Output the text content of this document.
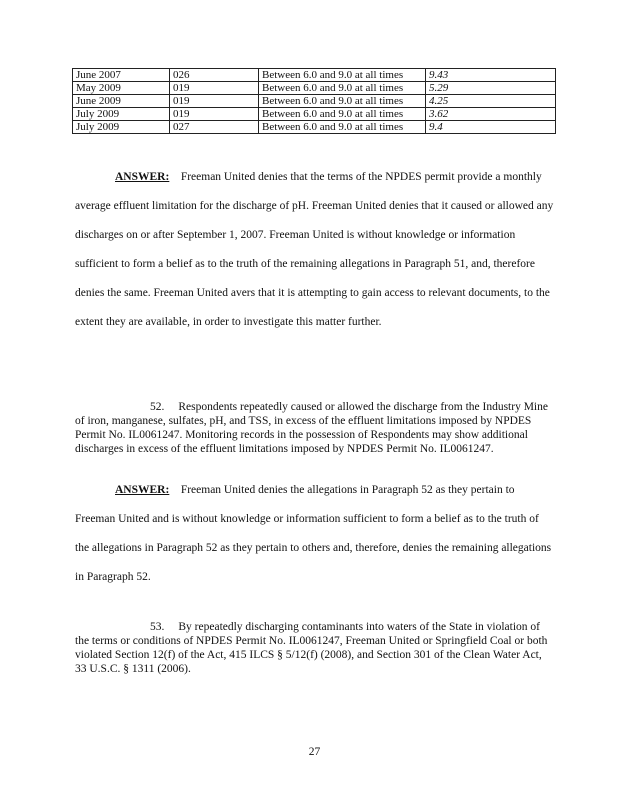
June 2007	026	Between 6.0 and 9.0 at all times	9.43
May 2009	019	Between 6.0 and 9.0 at all times	5.29
June 2009	019	Between 6.0 and 9.0 at all times	4.25
July 2009	019	Between 6.0 and 9.0 at all times	3.62
July 2009	027	Between 6.0 and 9.0 at all times	9.4
ANSWER: Freeman United denies that the terms of the NPDES permit provide a monthly average effluent limitation for the discharge of pH. Freeman United denies that it caused or allowed any discharges on or after September 1, 2007. Freeman United is without knowledge or information sufficient to form a belief as to the truth of the remaining allegations in Paragraph 51, and, therefore denies the same. Freeman United avers that it is attempting to gain access to relevant documents, to the extent they are available, in order to investigate this matter further.
52. Respondents repeatedly caused or allowed the discharge from the Industry Mine of iron, manganese, sulfates, pH, and TSS, in excess of the effluent limitations imposed by NPDES Permit No. IL0061247. Monitoring records in the possession of Respondents may show additional discharges in excess of the effluent limitations imposed by NPDES Permit No. IL0061247.
ANSWER: Freeman United denies the allegations in Paragraph 52 as they pertain to Freeman United and is without knowledge or information sufficient to form a belief as to the truth of the allegations in Paragraph 52 as they pertain to others and, therefore, denies the remaining allegations in Paragraph 52.
53. By repeatedly discharging contaminants into waters of the State in violation of the terms or conditions of NPDES Permit No. IL0061247, Freeman United or Springfield Coal or both violated Section 12(f) of the Act, 415 ILCS § 5/12(f) (2008), and Section 301 of the Clean Water Act, 33 U.S.C. § 1311 (2006).
27
